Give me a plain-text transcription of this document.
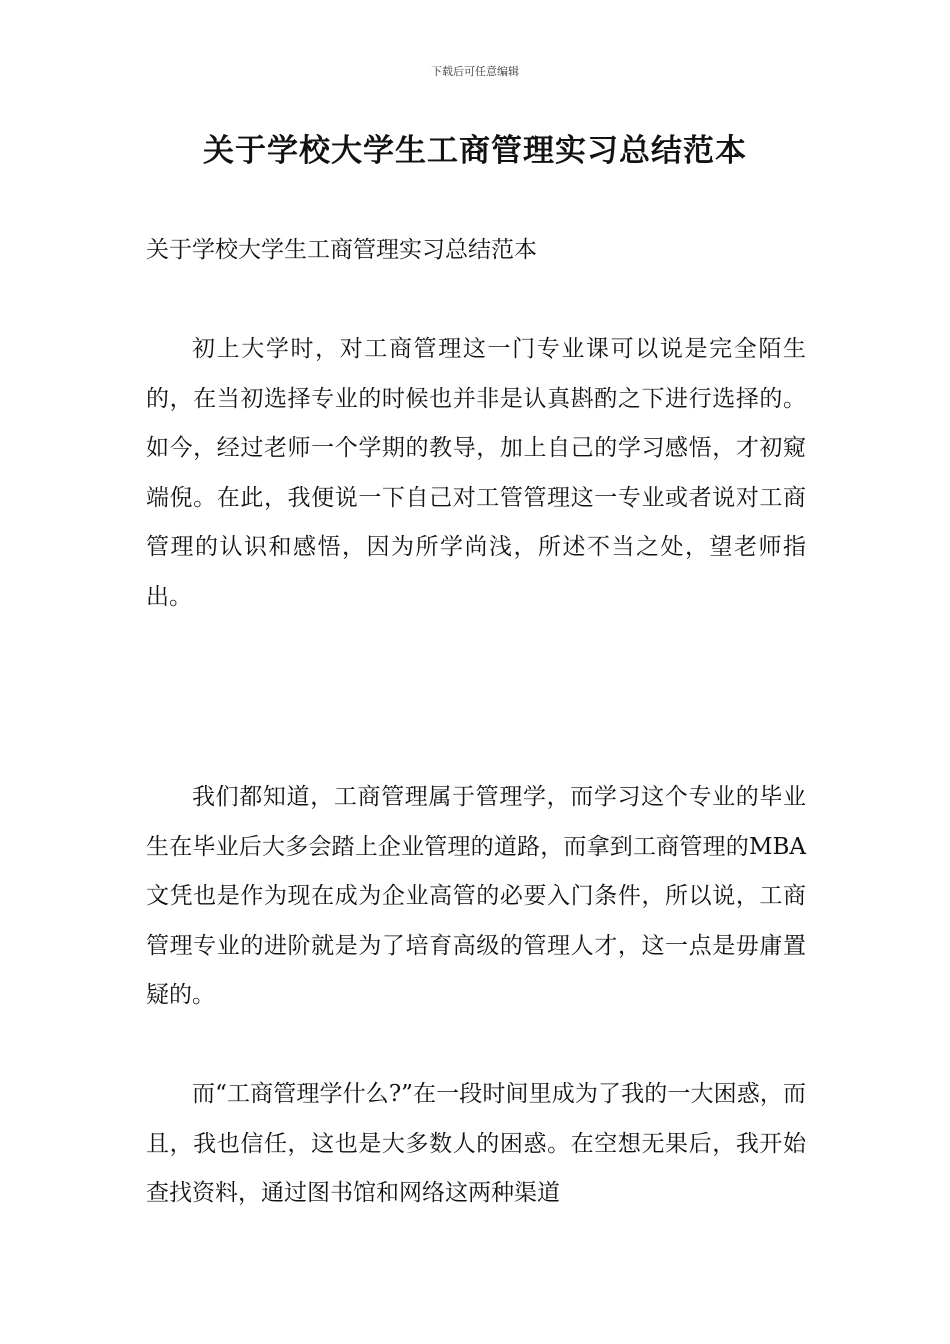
下载后可任意编辑
关于学校大学生工商管理实习总结范本
关于学校大学生工商管理实习总结范本

初上大学时，对工商管理这一门专业课可以说是完全陌生的，在当初选择专业的时候也并非是认真斟酌之下进行选择的。如今，经过老师一个学期的教导，加上自己的学习感悟，才初窥端倪。在此，我便说一下自己对工管管理这一专业或者说对工商管理的认识和感悟，因为所学尚浅，所述不当之处，望老师指出。

我们都知道，工商管理属于管理学，而学习这个专业的毕业生在毕业后大多会踏上企业管理的道路，而拿到工商管理的MBA文凭也是作为现在成为企业高管的必要入门条件，所以说，工商管理专业的进阶就是为了培育高级的管理人才，这一点是毋庸置疑的。

而“工商管理学什么?”在一段时间里成为了我的一大困惑，而且，我也信任，这也是大多数人的困惑。在空想无果后，我开始查找资料，通过图书馆和网络这两种渠道
